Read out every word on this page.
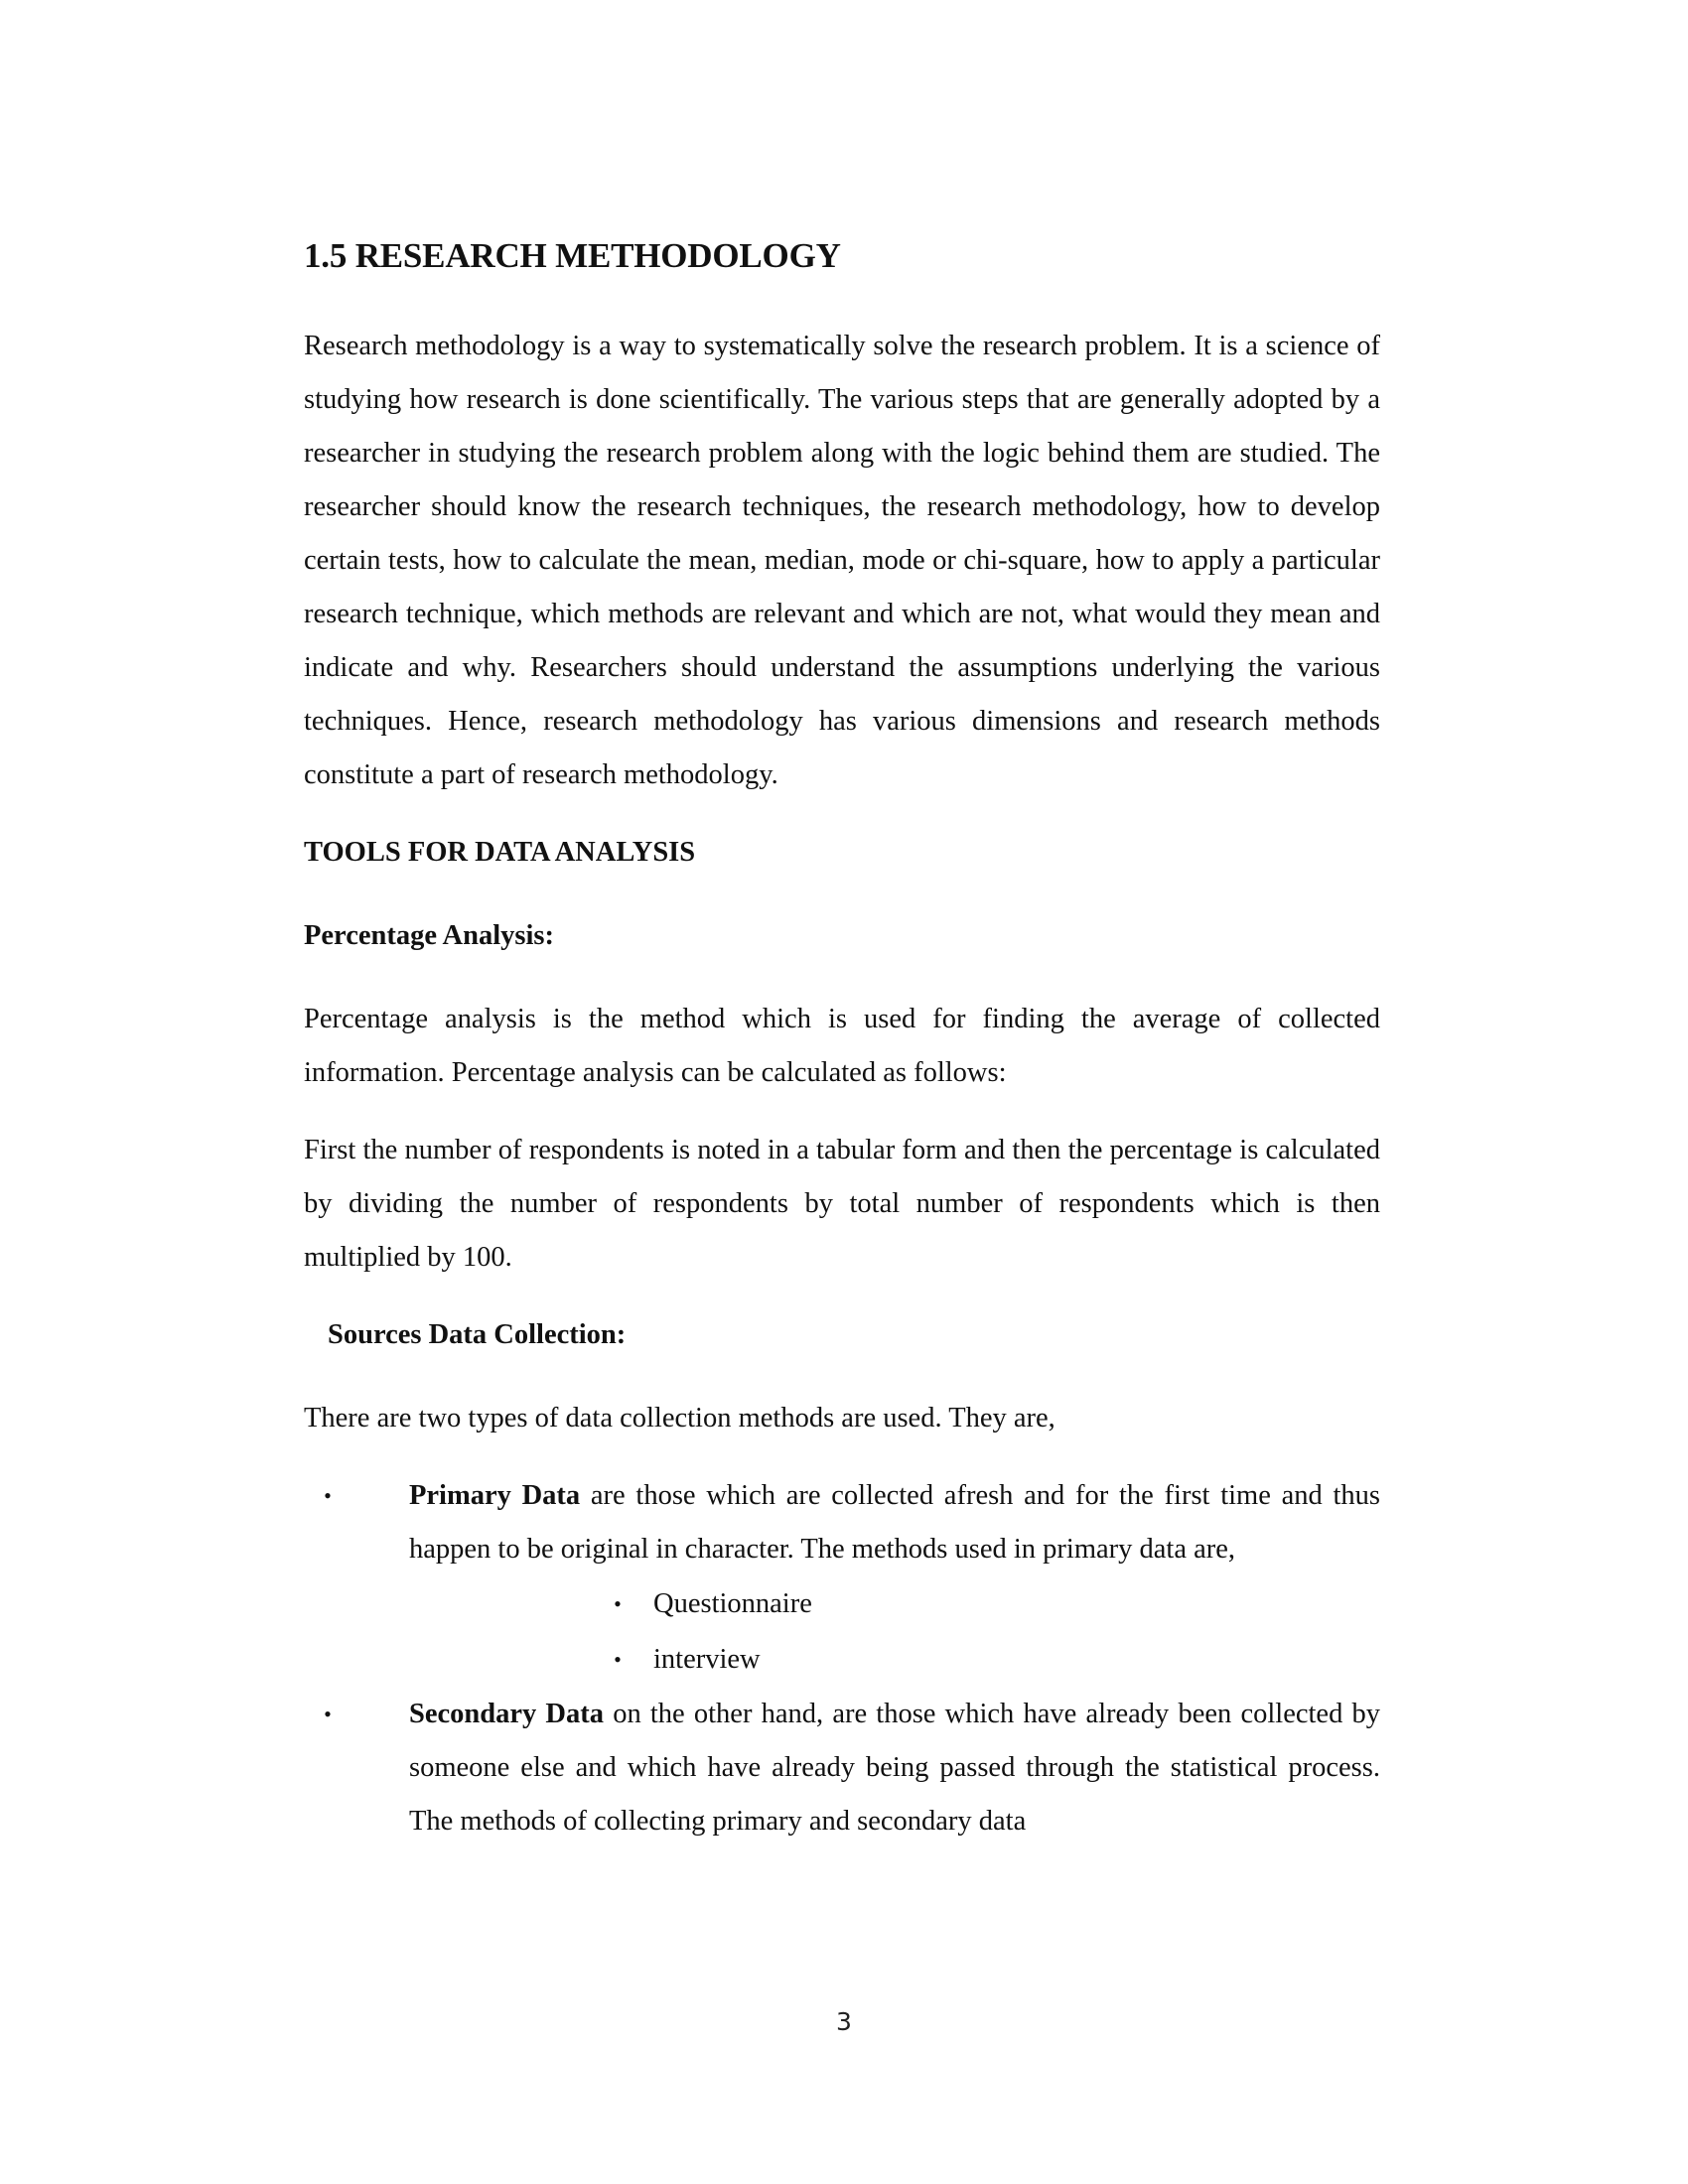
1.5 RESEARCH METHODOLOGY

Research methodology is a way to systematically solve the research problem. It is a science of studying how research is done scientifically. The various steps that are generally adopted by a researcher in studying the research problem along with the logic behind them are studied. The researcher should know the research techniques, the research methodology, how to develop certain tests, how to calculate the mean, median, mode or chi-square, how to apply a particular research technique, which methods are relevant and which are not, what would they mean and indicate and why. Researchers should understand the assumptions underlying the various techniques. Hence, research methodology has various dimensions and research methods constitute a part of research methodology.

TOOLS FOR DATA ANALYSIS
Percentage Analysis:

Percentage analysis is the method which is used for finding the average of collected information. Percentage analysis can be calculated as follows:

First the number of respondents is noted in a tabular form and then the percentage is calculated by dividing the number of respondents by total number of respondents which is then multiplied by 100.

Sources Data Collection:

There are two types of data collection methods are used. They are,

•	Primary Data are those which are collected afresh and for the first time and thus happen to be original in character. The methods used in primary data are,
• Questionnaire
• interview
•	Secondary Data on the other hand, are those which have already been collected by someone else and which have already being passed through the statistical process. The methods of collecting primary and secondary data
3
